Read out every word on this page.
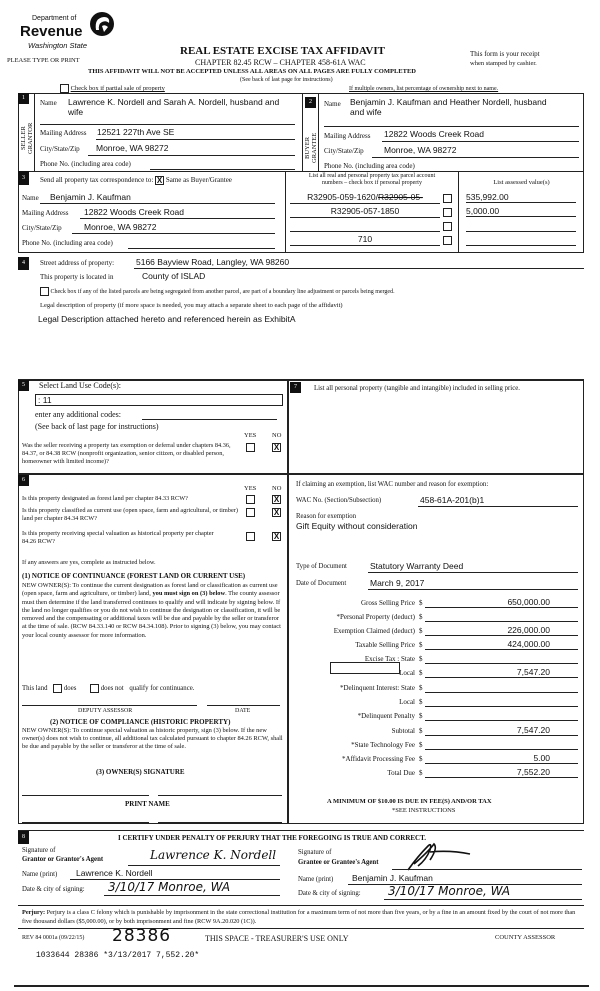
Department of
Revenue
Washington State
PLEASE TYPE OR PRINT
REAL ESTATE EXCISE TAX AFFIDAVIT
CHAPTER 82.45 RCW – CHAPTER 458-61A WAC
This form is your receipt
when stamped by cashier.
THIS AFFIDAVIT WILL NOT BE ACCEPTED UNLESS ALL AREAS ON ALL PAGES ARE FULLY COMPLETED
(See back of last page for instructions)
Check box if partial sale of property	If multiple owners, list percentage of ownership next to name.
1
SELLER GRANTOR
Name Lawrence K. Nordell and Sarah A. Nordell, husband and
wife
Mailing Address 12521 227th Ave SE
City/State/Zip Monroe, WA 98272
Phone No. (including area code)
2
BUYER GRANTEE
Name Benjamin J. Kaufman and Heather Nordell, husband
and wife
Mailing Address 12822 Woods Creek Road
City/State/Zip Monroe, WA 98272
Phone No. (including area code)
3	Send all property tax correspondence to: X Same as Buyer/Grantee
Name Benjamin J. Kaufman
Mailing Address 12822 Woods Creek Road
City/State/Zip	Monroe, WA 98272
Phone No. (including area code)
List all real and personal property tax parcel account
numbers – check box if personal property	List assessed value(s)
R32905-059-1620/R32905-05-	535,992.00
R32905-057-1850	5,000.00
710
4	Street address of property:	5166 Bayview Road, Langley, WA 98260
This property is located in	County of ISLAD
Check box if any of the listed parcels are being segregated from another parcel, are part of a boundary line adjustment or parcels being merged.
Legal description of property (if more space is needed, you may attach a separate sheet to each page of the affidavit)
Legal Description attached hereto and referenced herein as ExhibitA
5	Select Land Use Code(s):
: 11
enter any additional codes:
(See back of last page for instructions)
YES NO
Was the seller receiving a property tax exemption or deferral under chapters 84.36, 84.37, or 84.38 RCW (nonprofit organization, senior citizen, or disabled person, homeowner with limited income)?
X
6
YES NO
Is this property designated as forest land per chapter 84.33 RCW?	X
Is this property classified as current use (open space, farm and agricultural, or timber) land per chapter 84.34 RCW?
X
Is this property receiving special valuation as historical property per chapter 84.26 RCW?
X
If any answers are yes, complete as instructed below.
(1) NOTICE OF CONTINUANCE (FOREST LAND OR CURRENT USE)
NEW OWNER(S): To continue the current designation as forest land or classification as current use (open space, farm and agriculture, or timber) land, you must sign on (3) below. The county assessor must then determine if the land transferred continues to qualify and will indicate by signing below. If the land no longer qualifies or you do not wish to continue the designation or classification, it will be removed and the compensating or additional taxes will be due and payable by the seller or transferor at the time of sale. (RCW 84.33.140 or RCW 84.34.108). Prior to signing (3) below, you may contact your local county assessor for more information.
This land does	does not qualify for continuance.
DEPUTY ASSESSOR	DATE
(2) NOTICE OF COMPLIANCE (HISTORIC PROPERTY)
NEW OWNER(S): To continue special valuation as historic property, sign (3) below. If the new owner(s) does not wish to continue, all additional tax calculated pursuant to chapter 84.26 RCW, shall be due and payable by the seller or transferor at the time of sale.
(3) OWNER(S) SIGNATURE
PRINT NAME
7	List all personal property (tangible and intangible) included in selling price.
If claiming an exemption, list WAC number and reason for exemption:
WAC No. (Section/Subsection)	458-61A-201(b)1
Reason for exemption
Gift Equity without consideration
Type of Document	Statutory Warranty Deed
Date of Document	March 9, 2017
Gross Selling Price $	650,000.00
*Personal Property (deduct) $
Exemption Claimed (deduct) $	226,000.00
Taxable Selling Price $	424,000.00
Excise Tax : State $
Local $	7,547.20
*Delinquent Interest: State $
Local $
*Delinquent Penalty $
Subtotal $	7,547.20
*State Technology Fee $
*Affidavit Processing Fee $	5.00
Total Due $	7,552.20
A MINIMUM OF $10.00 IS DUE IN FEE(S) AND/OR TAX
*SEE INSTRUCTIONS
8	I CERTIFY UNDER PENALTY OF PERJURY THAT THE FOREGOING IS TRUE AND CORRECT.
Signature of
Grantor or Grantor's Agent	Lawrence K. Nordell
Name (print) Lawrence K. Nordell
Date & city of signing: 3/10/17 Monroe, WA
Signature of
Grantee or Grantee's Agent
Name (print) Benjamin J. Kaufman
Date & city of signing: 3/10/17 Monroe, WA
Perjury: Perjury is a class C felony which is punishable by imprisonment in the state correctional institution for a maximum term of not more than five years, or by a fine in an amount fixed by the court of not more than five thousand dollars ($5,000.00), or by both imprisonment and fine (RCW 9A.20.020 (1C)).
REV 84 0001a (09/22/15) 28386	THIS SPACE - TREASURER'S USE ONLY	COUNTY ASSESSOR
1033644 28386 *3/13/2017 7,552.20*
